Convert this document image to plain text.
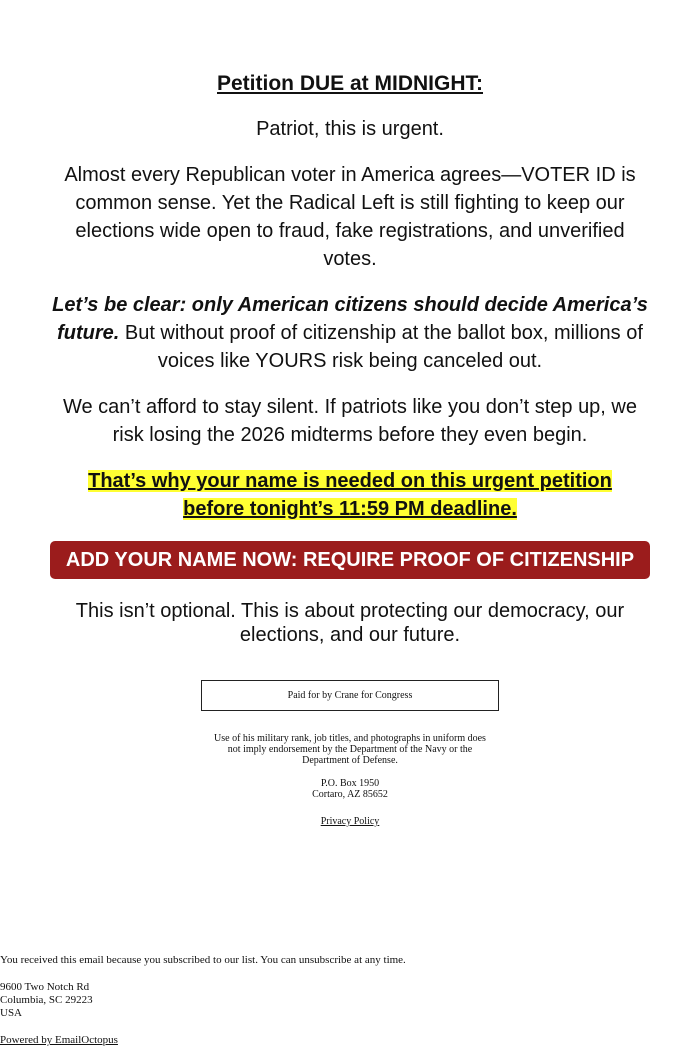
Petition DUE at MIDNIGHT:

Patriot, this is urgent.

Almost every Republican voter in America agrees—VOTER ID is common sense. Yet the Radical Left is still fighting to keep our elections wide open to fraud, fake registrations, and unverified votes.

Let’s be clear: only American citizens should decide America’s future. But without proof of citizenship at the ballot box, millions of voices like YOURS risk being canceled out.

We can’t afford to stay silent. If patriots like you don’t step up, we risk losing the 2026 midterms before they even begin.

That’s why your name is needed on this urgent petition
before tonight’s 11:59 PM deadline.

ADD YOUR NAME NOW: REQUIRE PROOF OF CITIZENSHIP

This isn’t optional. This is about protecting our democracy, our elections, and our future.

Paid for by Crane for Congress
Use of his military rank, job titles, and photographs in uniform does not imply endorsement by the Department of the Navy or the Department of Defense.
P.O. Box 1950
Cortaro, AZ 85652
Privacy Policy

You received this email because you subscribed to our list. You can unsubscribe at any time.

9600 Two Notch Rd
Columbia, SC 29223
USA
Powered by EmailOctopus
